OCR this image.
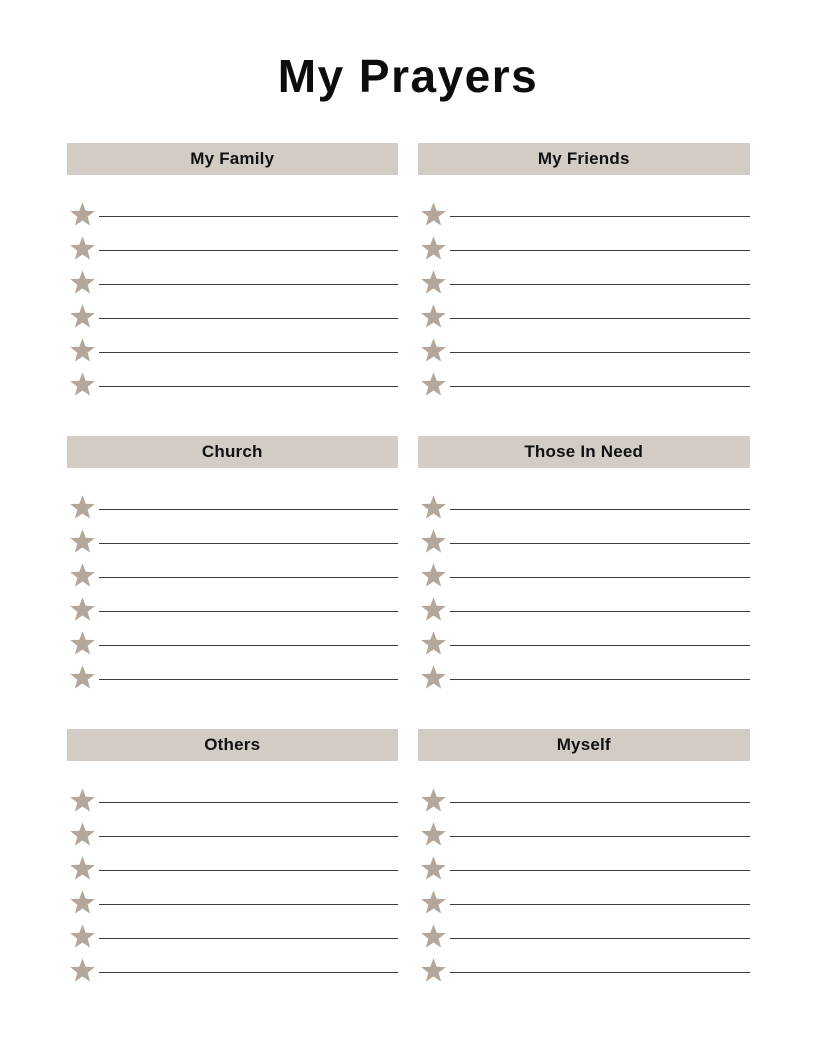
My Prayers
My Family	My Friends
Church	Those In Need
Others	Myself
